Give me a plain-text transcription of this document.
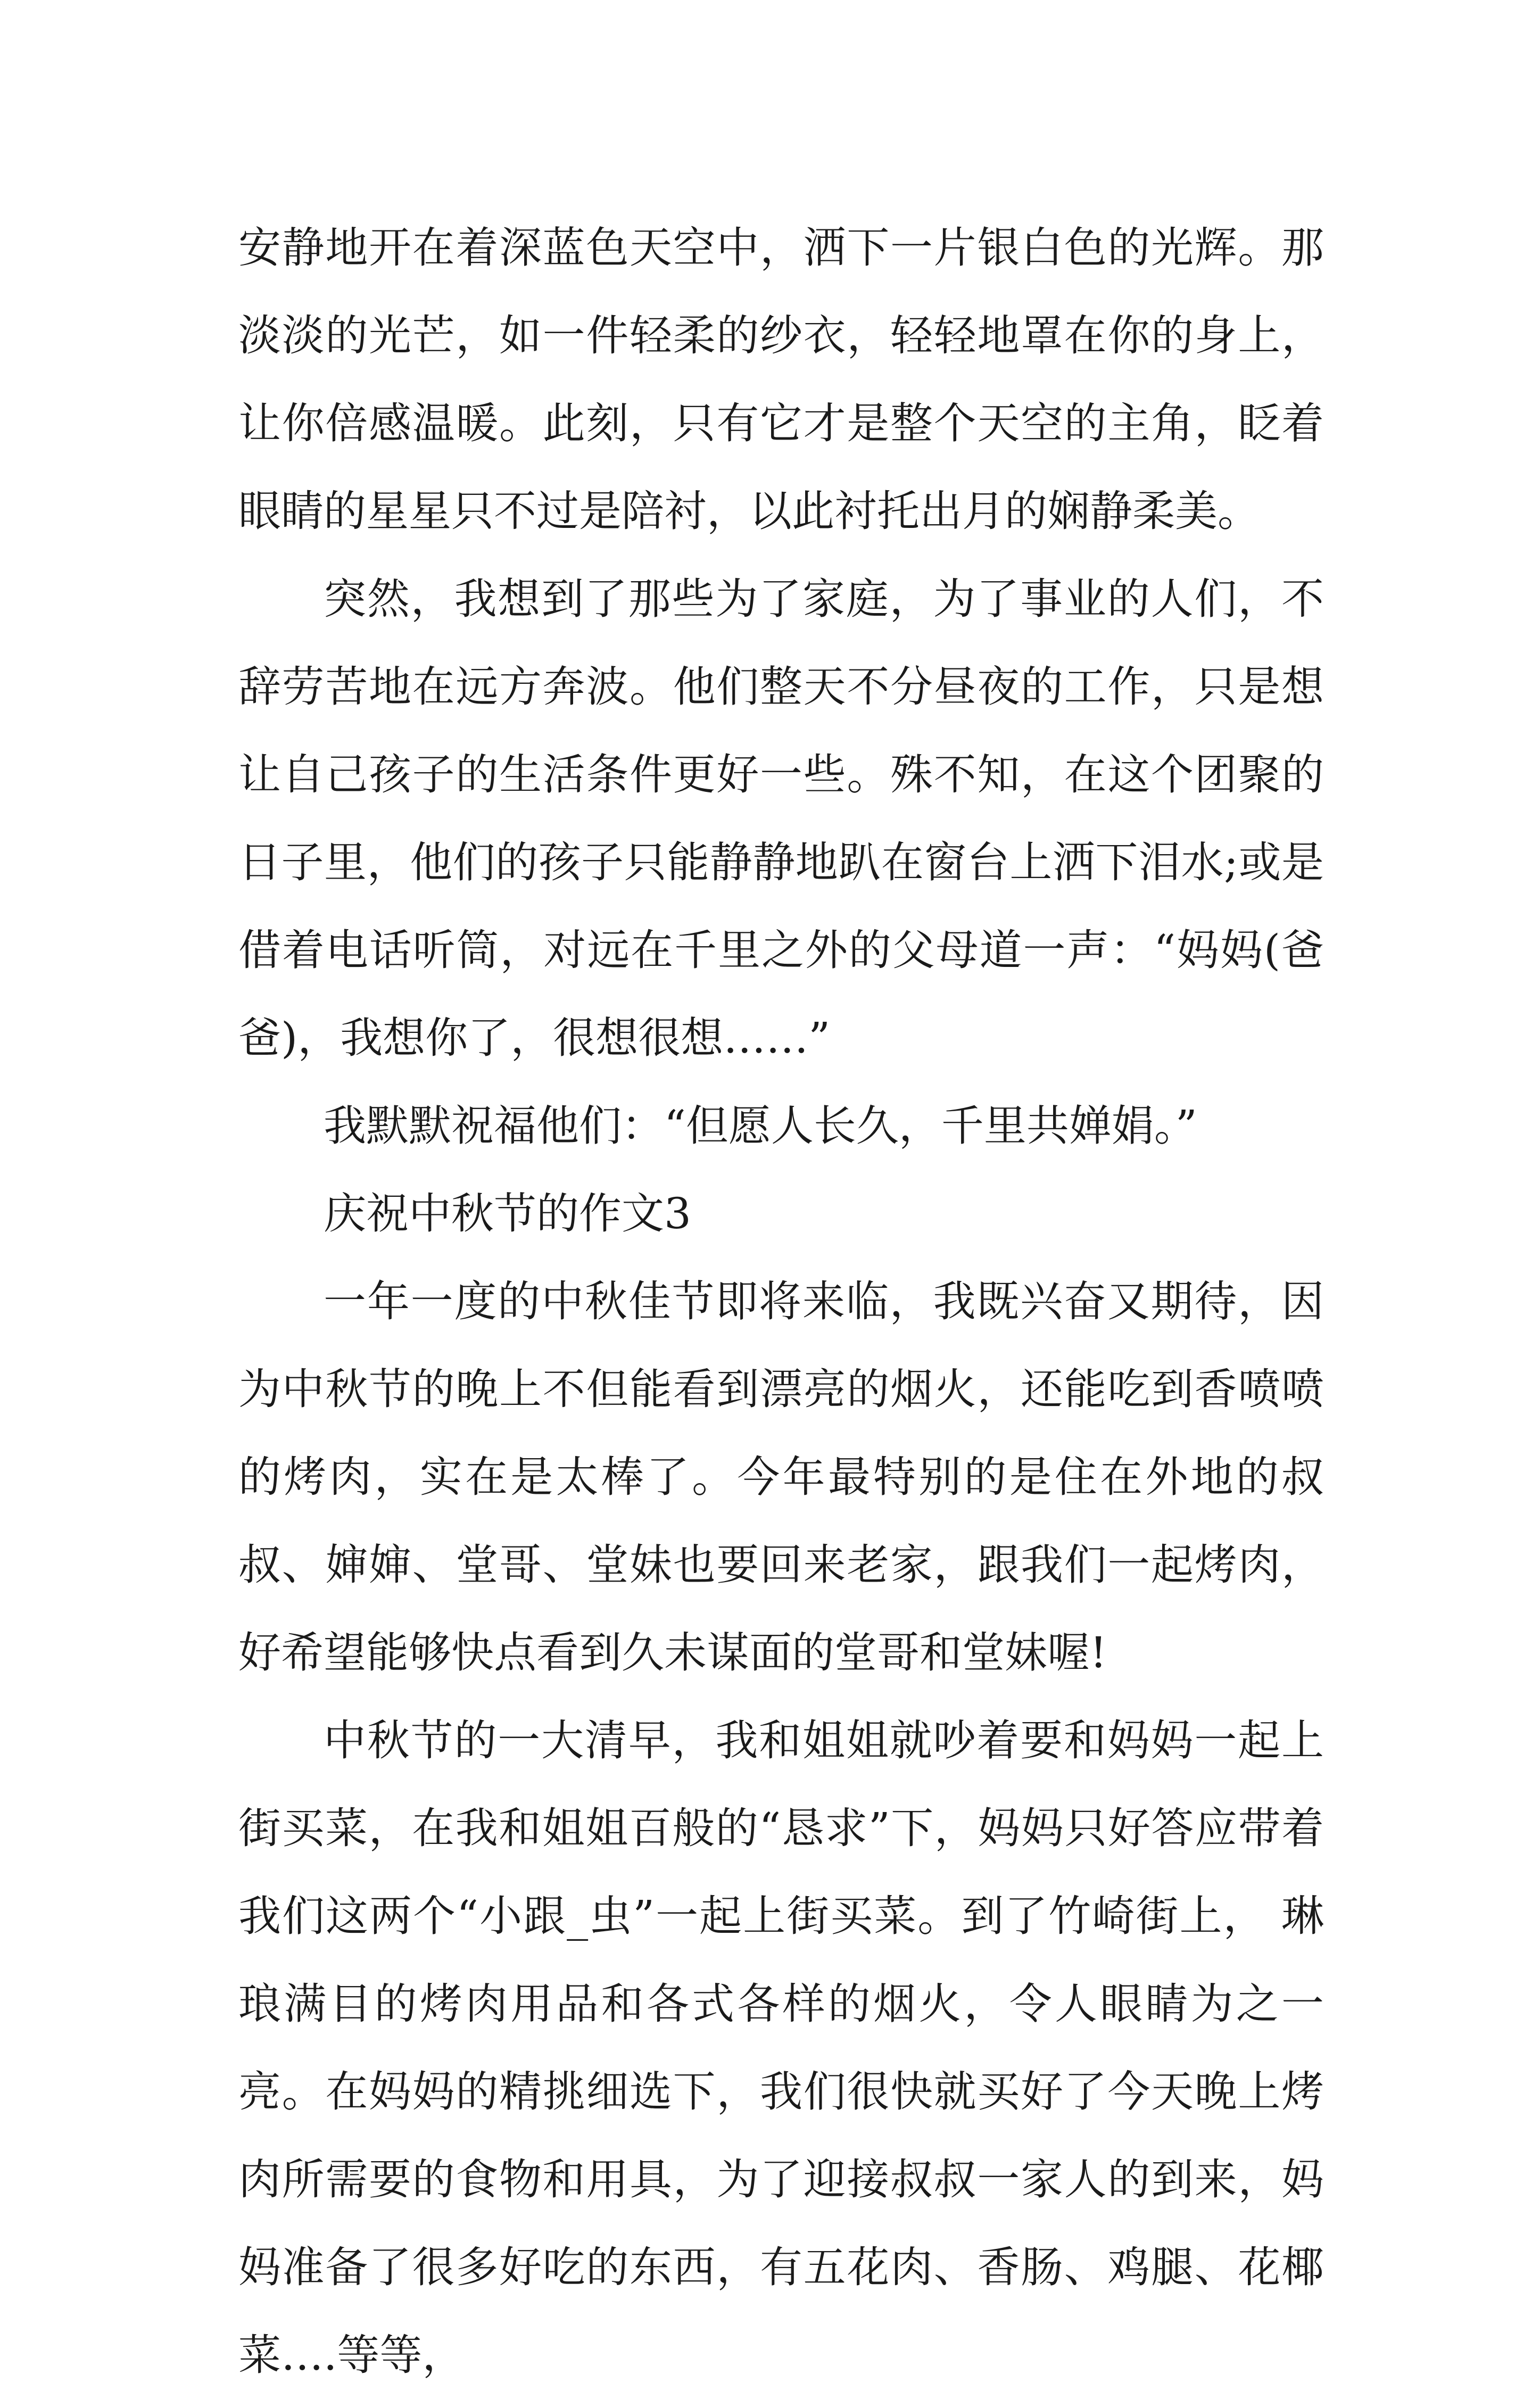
安静地开在着深蓝色天空中，洒下一片银白色的光辉。那淡淡的光芒，如一件轻柔的纱衣，轻轻地罩在你的身上，让你倍感温暖。此刻，只有它才是整个天空的主角，眨着眼睛的星星只不过是陪衬，以此衬托出月的娴静柔美。

突然，我想到了那些为了家庭，为了事业的人们，不辞劳苦地在远方奔波。他们整天不分昼夜的工作，只是想让自己孩子的生活条件更好一些。殊不知，在这个团聚的日子里，他们的孩子只能静静地趴在窗台上洒下泪水;或是借着电话听筒，对远在千里之外的父母道一声：“妈妈(爸爸)，我想你了，很想很想……”

我默默祝福他们：“但愿人长久，千里共婵娟。”

庆祝中秋节的作文3

一年一度的中秋佳节即将来临，我既兴奋又期待，因为中秋节的晚上不但能看到漂亮的烟火，还能吃到香喷喷的烤肉，实在是太棒了。今年最特别的是住在外地的叔叔、婶婶、堂哥、堂妹也要回来老家，跟我们一起烤肉，好希望能够快点看到久未谋面的堂哥和堂妹喔!

中秋节的一大清早，我和姐姐就吵着要和妈妈一起上街买菜，在我和姐姐百般的“恳求”下，妈妈只好答应带着我们这两个“小跟_虫”一起上街买菜。到了竹崎街上， 琳琅满目的烤肉用品和各式各样的烟火，令人眼睛为之一亮。在妈妈的精挑细选下，我们很快就买好了今天晚上烤肉所需要的食物和用具，为了迎接叔叔一家人的到来，妈妈准备了很多好吃的东西，有五花肉、香肠、鸡腿、花椰菜….等等，
